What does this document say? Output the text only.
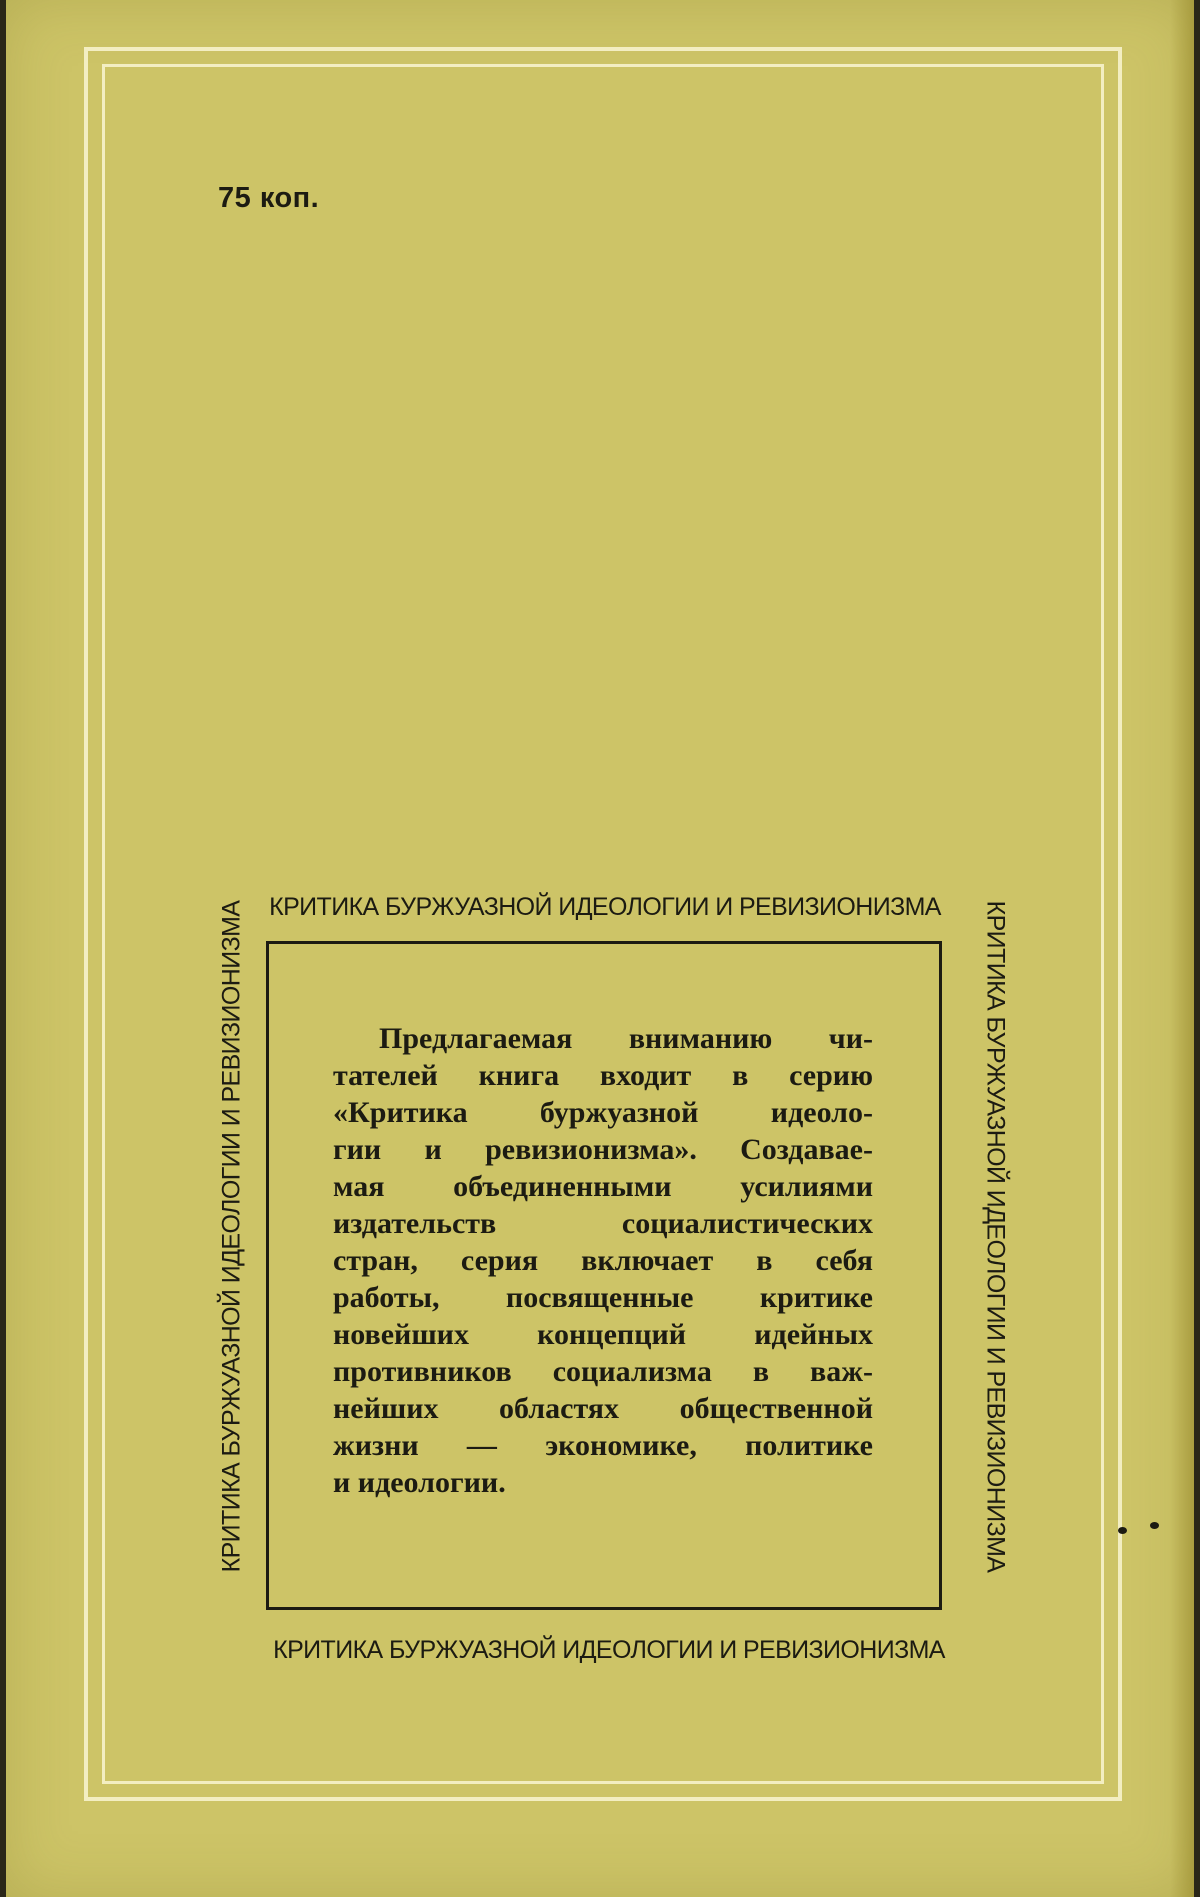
75 коп.
КРИТИКА БУРЖУАЗНОЙ ИДЕОЛОГИИ И РЕВИЗИОНИЗМА
КРИТИКА БУРЖУАЗНОЙ ИДЕОЛОГИИ И РЕВИЗИОНИЗМА	КРИТИКА БУРЖУАЗНОЙ ИДЕОЛОГИИ И РЕВИЗИОНИЗМА
КРИТИКА БУРЖУАЗНОЙ ИДЕОЛОГИИ И РЕВИЗИОНИЗМА

Предлагаемая вниманию чи-
тателей книга входит в серию
«Критика буржуазной идеоло-
гии и ревизионизма». Создавае-
мая объединенными усилиями
издательств социалистических
стран, серия включает в себя
работы, посвященные критике
новейших концепций идейных
противников социализма в важ-
нейших областях общественной
жизни — экономике, политике
и идеологии.
